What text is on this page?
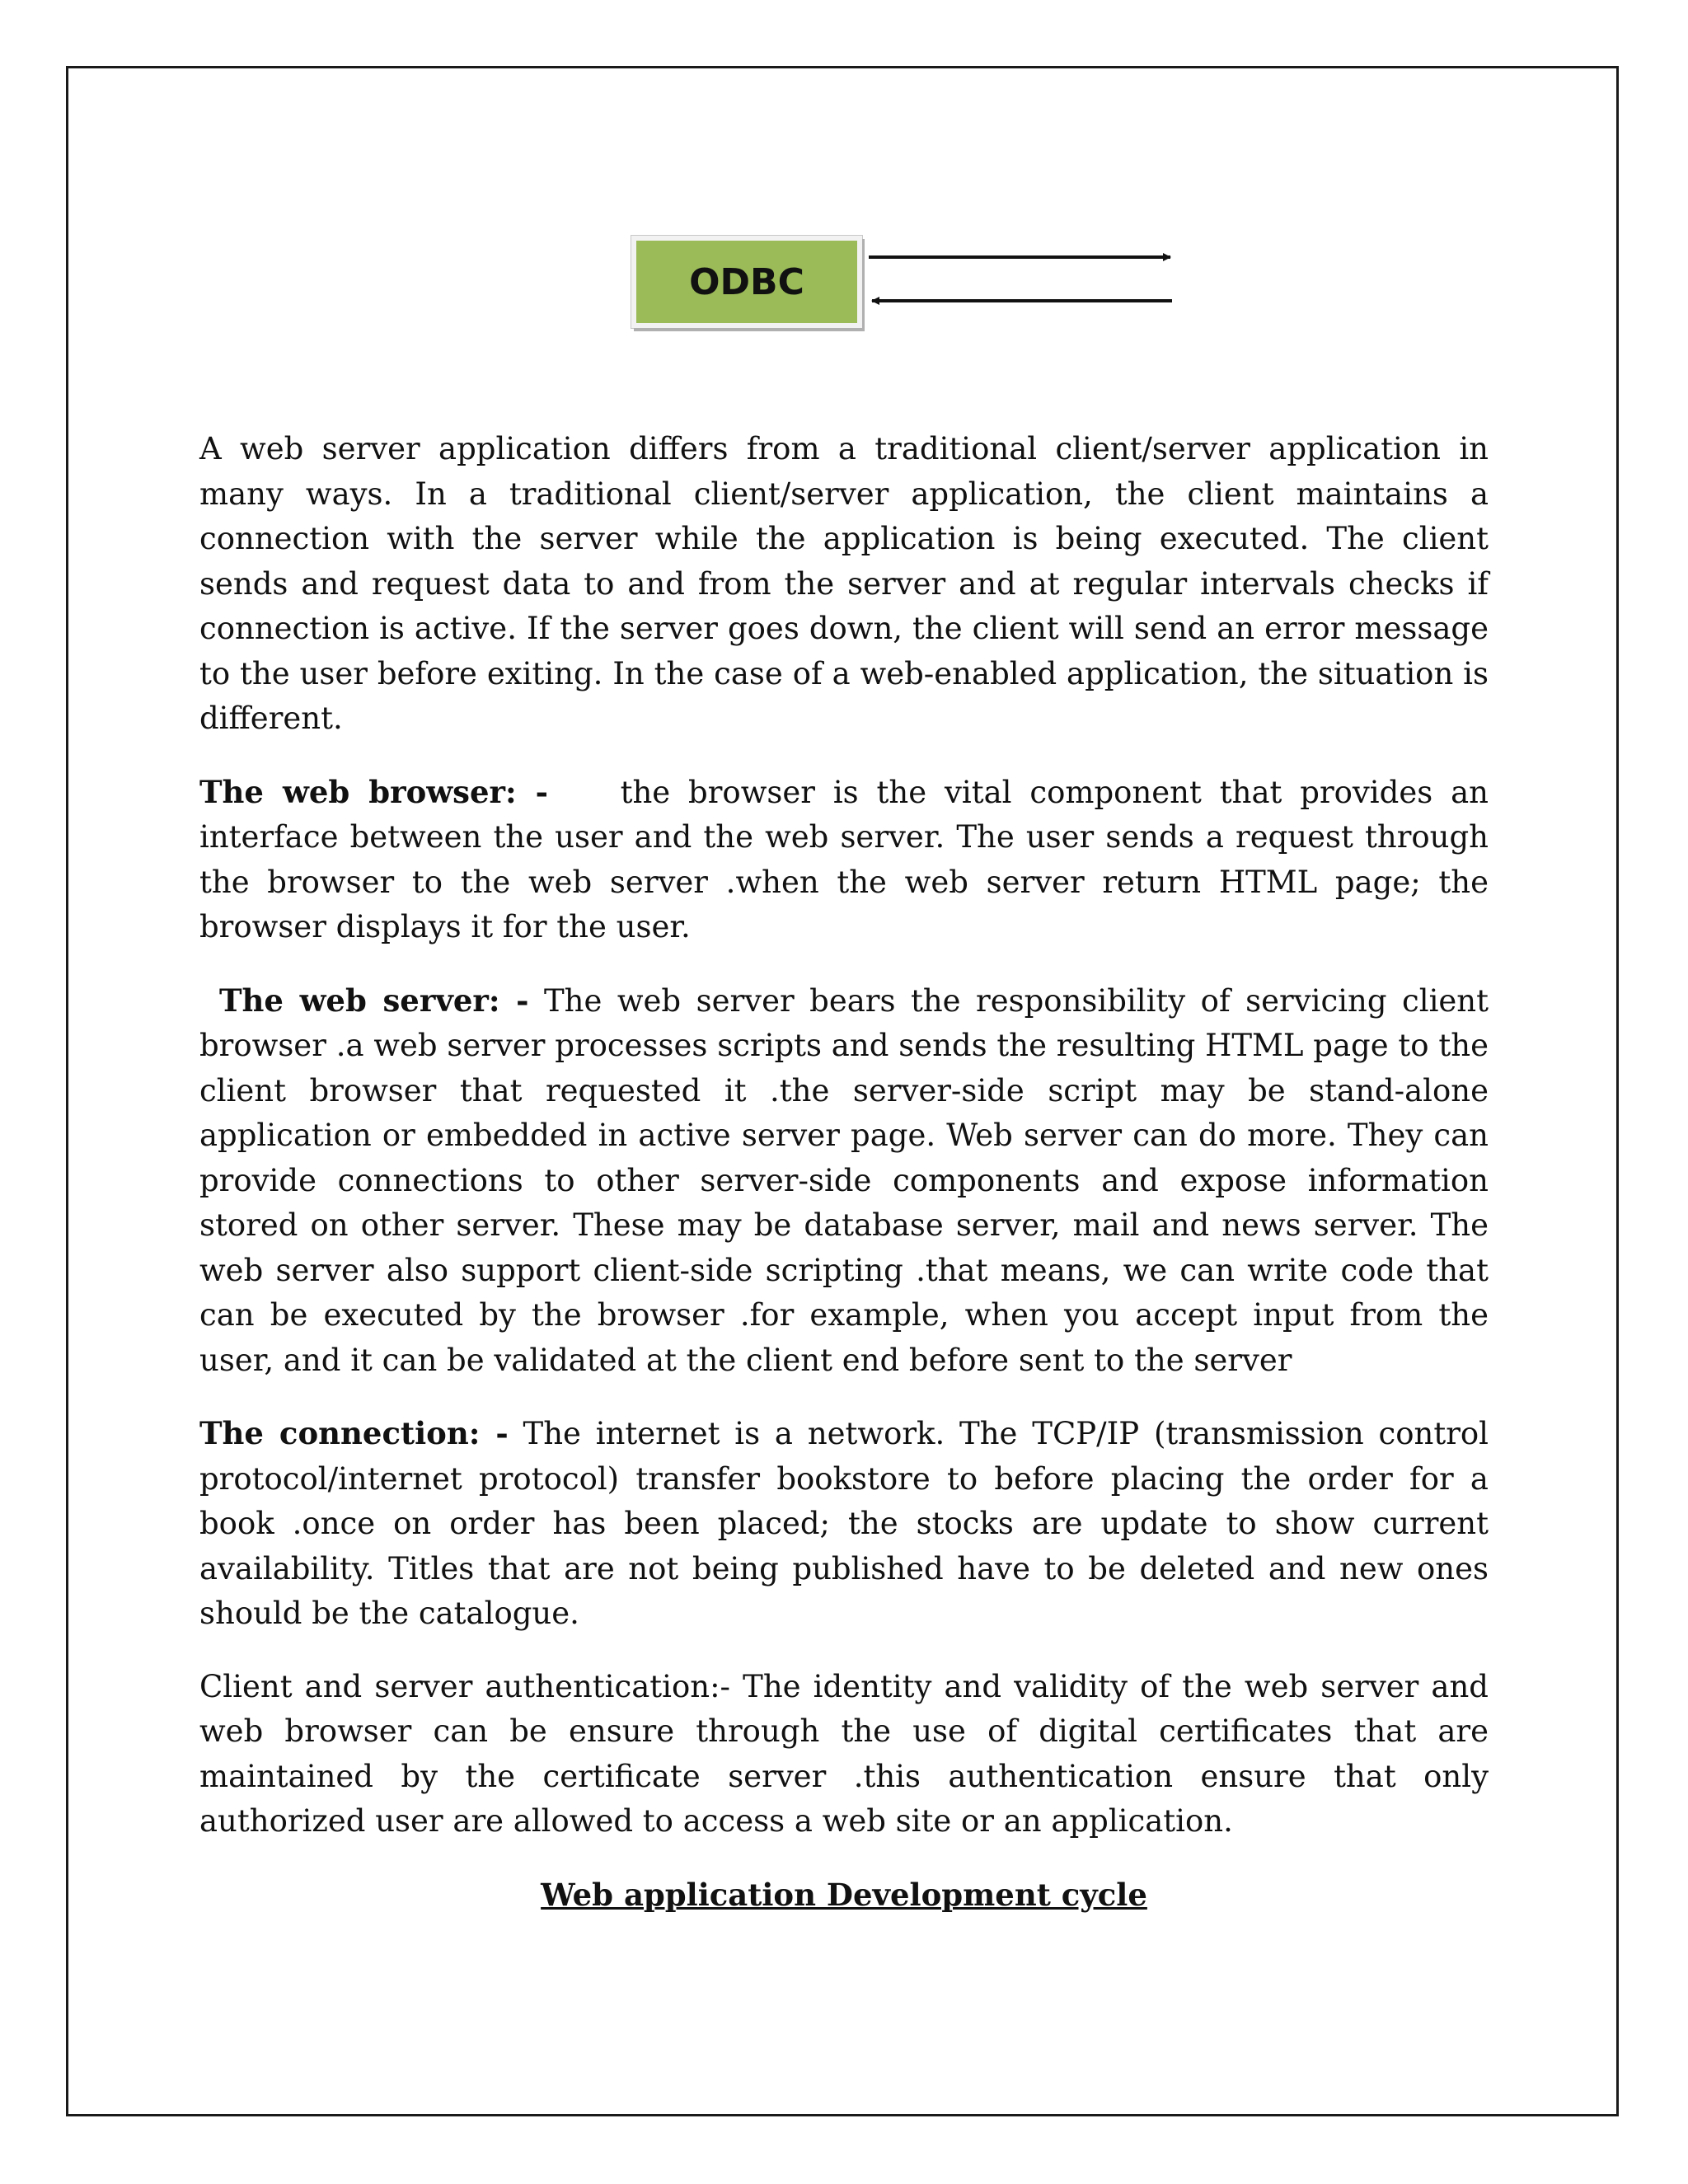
ODBC

A web server application differs from a traditional client/server application in many ways. In a traditional client/server application, the client maintains a connection with the server while the application is being executed. The client sends and request data to and from the server and at regular intervals checks if connection is active. If the server goes down, the client will send an error message to the user before exiting. In the case of a web-enabled application, the situation is different.

The web browser: -    the browser is the vital component that provides an interface between the user and the web server. The user sends a request through the browser to the web server .when the web server return HTML page; the browser displays it for the user.

The web server: - The web server bears the responsibility of servicing client browser .a web server processes scripts and sends the resulting HTML page to the client browser that requested it .the server-side script may be stand-alone application or embedded in active server page. Web server can do more. They can provide connections to other server-side components and expose information stored on other server. These may be database server, mail and news server. The web server also support client-side scripting .that means, we can write code that can be executed by the browser .for example, when you accept input from the user, and it can be validated at the client end before sent to the server

The connection: - The internet is a network. The TCP/IP (transmission control protocol/internet protocol) transfer bookstore to before placing the order for a book .once on order has been placed; the stocks are update to show current availability. Titles that are not being published have to be deleted and new ones should be the catalogue.

Client and server authentication:- The identity and validity of the web server and web browser can be ensure through the use of digital certificates that are maintained by the certificate server .this authentication ensure that only authorized user are allowed to access a web site or an application.

Web application Development cycle
